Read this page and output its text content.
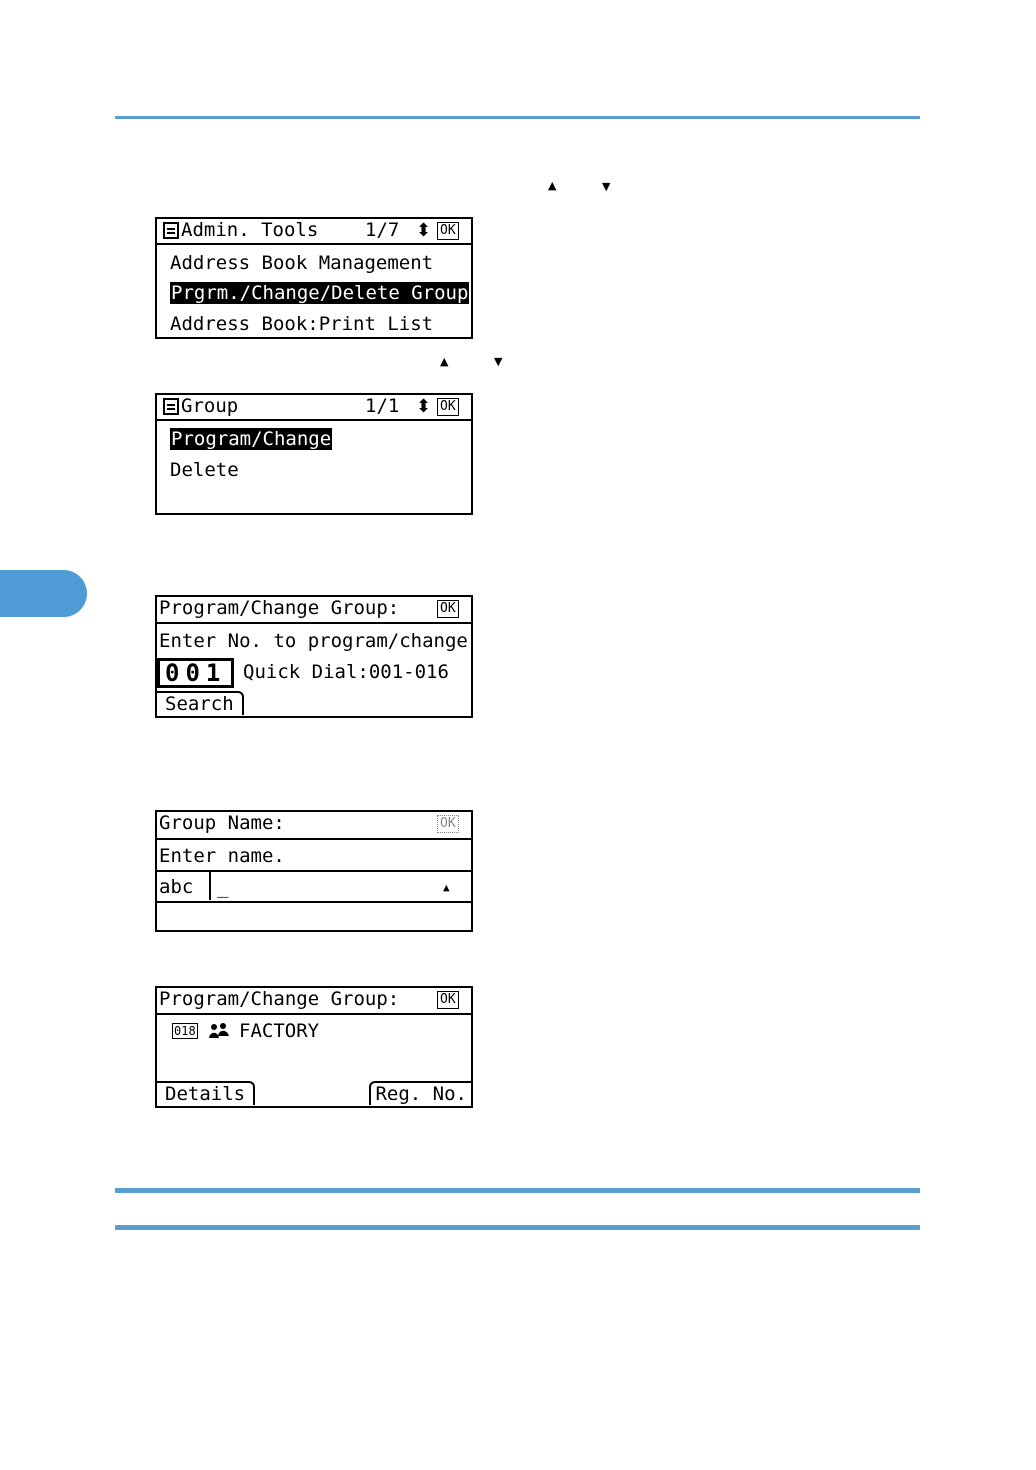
▲	▼
▲	▼
Admin. Tools 1/7 ⬍ OK
Address Book Management
Prgrm./Change/Delete Group
Address Book:Print List
Group	1/1 ⬍ OK
Program/Change
Delete
Program/Change Group:	OK
Enter No. to program/change
001 Quick Dial:001-016
Search
Group Name:	OK
Enter name.
abc _	▲
Program/Change Group:	OK
018 FACTORY
Details	Reg. No.
